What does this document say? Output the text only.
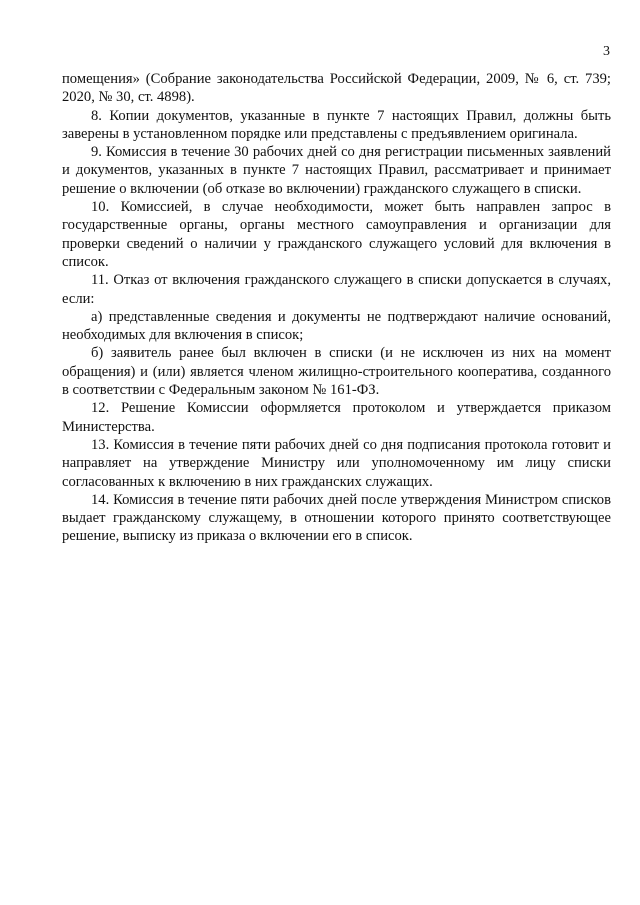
3

помещения» (Собрание законодательства Российской Федерации, 2009, № 6, ст. 739; 2020, № 30, ст. 4898).

8. Копии документов, указанные в пункте 7 настоящих Правил, должны быть заверены в установленном порядке или представлены с предъявлением оригинала.

9. Комиссия в течение 30 рабочих дней со дня регистрации письменных заявлений и документов, указанных в пункте 7 настоящих Правил, рассматривает и принимает решение о включении (об отказе во включении) гражданского служащего в списки.

10. Комиссией, в случае необходимости, может быть направлен запрос в государственные органы, органы местного самоуправления и организации для проверки сведений о наличии у гражданского служащего условий для включения в список.

11. Отказ от включения гражданского служащего в списки допускается в случаях, если:

а) представленные сведения и документы не подтверждают наличие оснований, необходимых для включения в список;

б) заявитель ранее был включен в списки (и не исключен из них на момент обращения) и (или) является членом жилищно-строительного кооператива, созданного в соответствии с Федеральным законом № 161-ФЗ.

12. Решение Комиссии оформляется протоколом и утверждается приказом Министерства.

13. Комиссия в течение пяти рабочих дней со дня подписания протокола готовит и направляет на утверждение Министру или уполномоченному им лицу списки согласованных к включению в них гражданских служащих.

14. Комиссия в течение пяти рабочих дней после утверждения Министром списков выдает гражданскому служащему, в отношении которого принято соответствующее решение, выписку из приказа о включении его в список.
